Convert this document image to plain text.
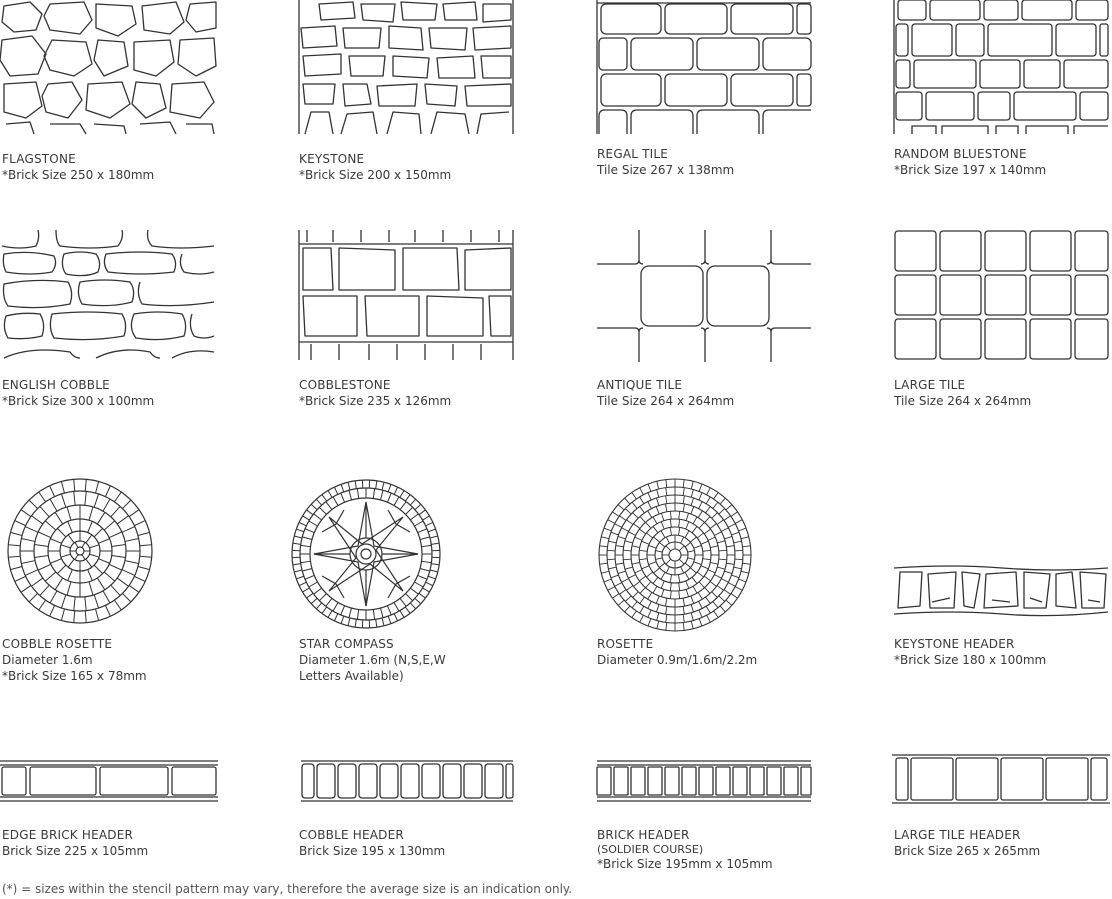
FLAGSTONE
*Brick Size 250 x 180mm
KEYSTONE
*Brick Size 200 x 150mm
REGAL TILE
Tile Size 267 x 138mm
RANDOM BLUESTONE
*Brick Size 197 x 140mm
ENGLISH COBBLE
*Brick Size 300 x 100mm
COBBLESTONE
*Brick Size 235 x 126mm
ANTIQUE TILE
Tile Size 264 x 264mm
LARGE TILE
Tile Size 264 x 264mm
COBBLE ROSETTE
Diameter 1.6m
*Brick Size 165 x 78mm
STAR COMPASS
Diameter 1.6m (N,S,E,W
Letters Available)
ROSETTE
Diameter 0.9m/1.6m/2.2m
KEYSTONE HEADER
*Brick Size 180 x 100mm
EDGE BRICK HEADER
Brick Size 225 x 105mm
COBBLE HEADER
Brick Size 195 x 130mm
BRICK HEADER
(SOLDIER COURSE)
*Brick Size 195mm x 105mm
LARGE TILE HEADER
Brick Size 265 x 265mm
(*) = sizes within the stencil pattern may vary, therefore the average size is an indication only.
